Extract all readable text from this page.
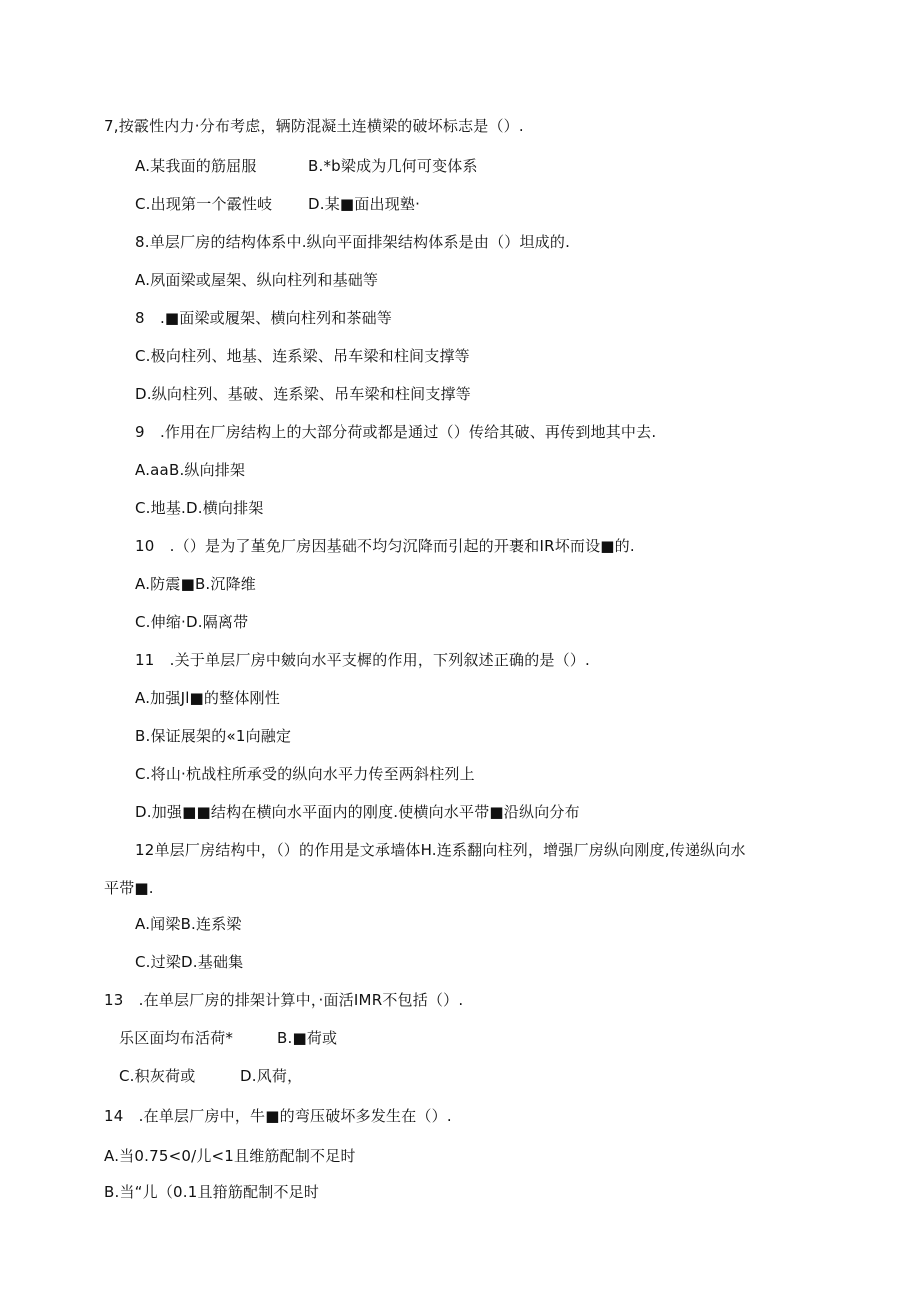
7,按霰性内力·分布考虑，辆防混凝土连横梁的破坏标志是（）.
A.某我面的筋屈服	B.*b梁成为几何可变体系
C.出现第一个霰性岐 D.某■面出现塾·
8.单层厂房的结构体系中.纵向平面排架结构体系是由（）坦成的.
A.夙面梁或屋架、纵向柱列和基础等
8　.■面梁或履架、横向柱列和茶础等
C.极向柱列、地基、连系梁、吊车梁和柱间支撑等
D.纵向柱列、基破、连系梁、吊车梁和柱间支撑等
9　.作用在厂房结构上的大部分荷或都是通过（）传给其破、再传到地其中去.
A.aaB.纵向排架
C.地基.D.横向排架
10　.（）是为了堇免厂房因基础不均匀沉降而引起的开裹和IR坏而设■的.
A.防震■B.沉降维
C.伸缩·D.隔离带
11　.关于单层厂房中皴向水平支樨的作用，下列叙述正确的是（）.
A.加强Jl■的整体刚性
B.保证展架的«1向融定
C.将山·杭战柱所承受的纵向水平力传至两斜柱列上
D.加强■■结构在横向水平面内的刚度.使横向水平带■沿纵向分布
12单层厂房结构中，（）的作用是文承墙体H.连系翻向柱列，增强厂房纵向刚度,传递纵向水
平带■.
A.闻梁B.连系梁
C.过梁D.基础集
13　.在单层厂房的排架计算中，·面活IMR不包括（）.
乐区面均布活荷*	B.■荷或
C.积灰荷或	D.风荷，
14　.在单层厂房中，牛■的弯压破坏多发生在（）.
A.当0.75<0/儿<1且维筋配制不足时
B.当“儿（0.1且箝筋配制不足时
